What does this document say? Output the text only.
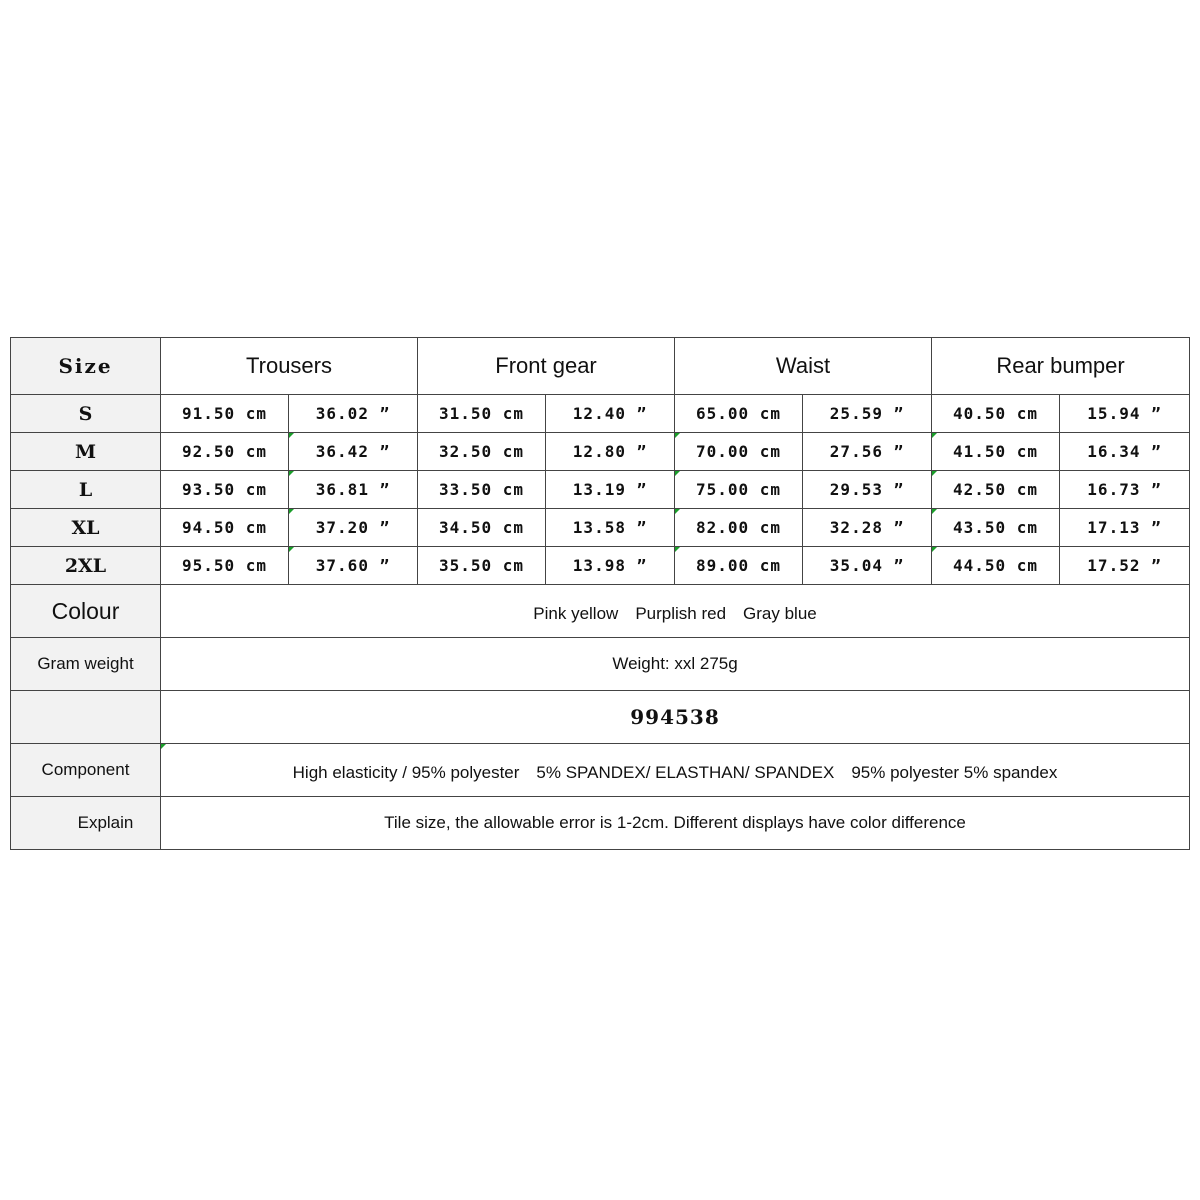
Size	Trousers		Front gear		Waist		Rear bumper	
S	91.50 cm	36.02 ”	31.50 cm	12.40 ”	65.00 cm	25.59 ”	40.50 cm	15.94 ”
M	92.50 cm	36.42 ”	32.50 cm	12.80 ”	70.00 cm	27.56 ”	41.50 cm	16.34 ”
L	93.50 cm	36.81 ”	33.50 cm	13.19 ”	75.00 cm	29.53 ”	42.50 cm	16.73 ”
XL	94.50 cm	37.20 ”	34.50 cm	13.58 ”	82.00 cm	32.28 ”	43.50 cm	17.13 ”
2XL	95.50 cm	37.60 ”	35.50 cm	13.98 ”	89.00 cm	35.04 ”	44.50 cm	17.52 ”
Colour	Pink yellow　Purplish red　Gray blue							
Gram weight	Weight: xxl 275g							
	994538							
Component	High elasticity / 95% polyester　5% SPANDEX/ ELASTHAN/ SPANDEX　95% polyester 5% spandex							
Explain	Tile size, the allowable error is 1-2cm. Different displays have color difference							
